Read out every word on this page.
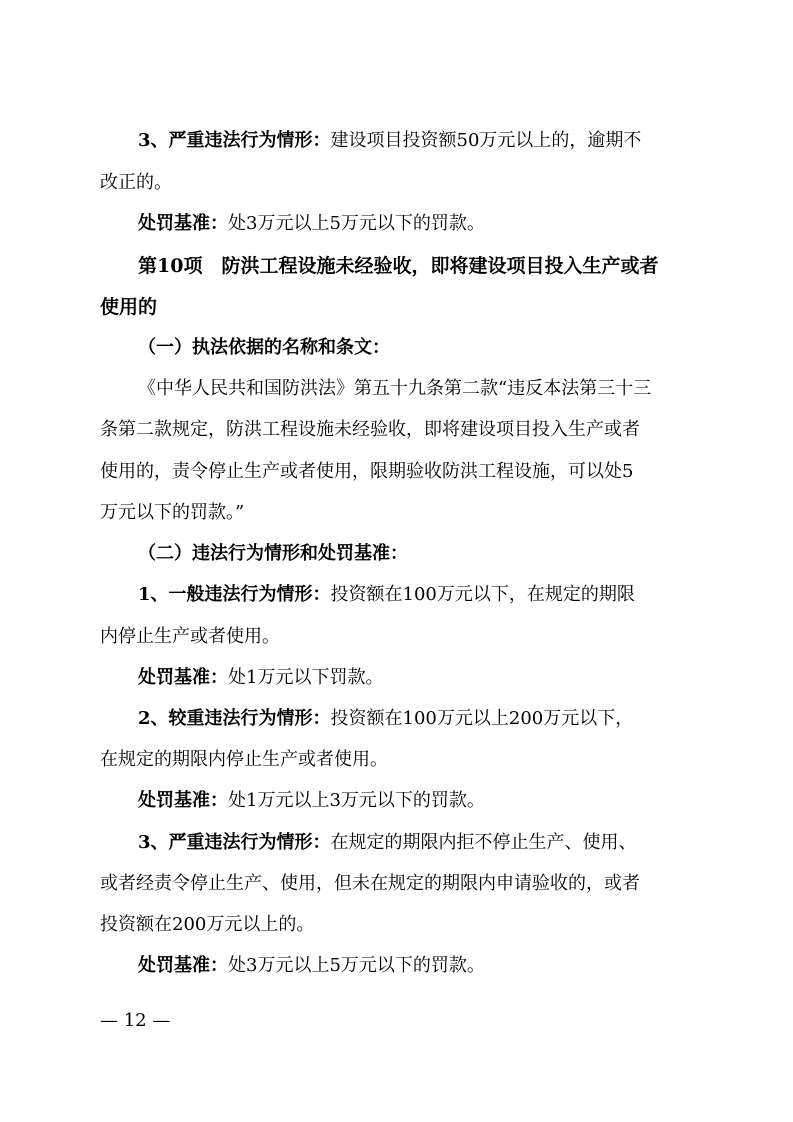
3、严重违法行为情形：建设项目投资额50万元以上的，逾期不
改正的。
处罚基准：处3万元以上5万元以下的罚款。
第10项　防洪工程设施未经验收，即将建设项目投入生产或者
使用的
（一）执法依据的名称和条文：
《中华人民共和国防洪法》第五十九条第二款“违反本法第三十三
条第二款规定，防洪工程设施未经验收，即将建设项目投入生产或者
使用的，责令停止生产或者使用，限期验收防洪工程设施，可以处5
万元以下的罚款。”
（二）违法行为情形和处罚基准：
1、一般违法行为情形：投资额在100万元以下，在规定的期限
内停止生产或者使用。
处罚基准：处1万元以下罚款。
2、较重违法行为情形：投资额在100万元以上200万元以下，
在规定的期限内停止生产或者使用。
处罚基准：处1万元以上3万元以下的罚款。
3、严重违法行为情形：在规定的期限内拒不停止生产、使用、
或者经责令停止生产、使用，但未在规定的期限内申请验收的，或者
投资额在200万元以上的。
处罚基准：处3万元以上5万元以下的罚款。
— 12 —
